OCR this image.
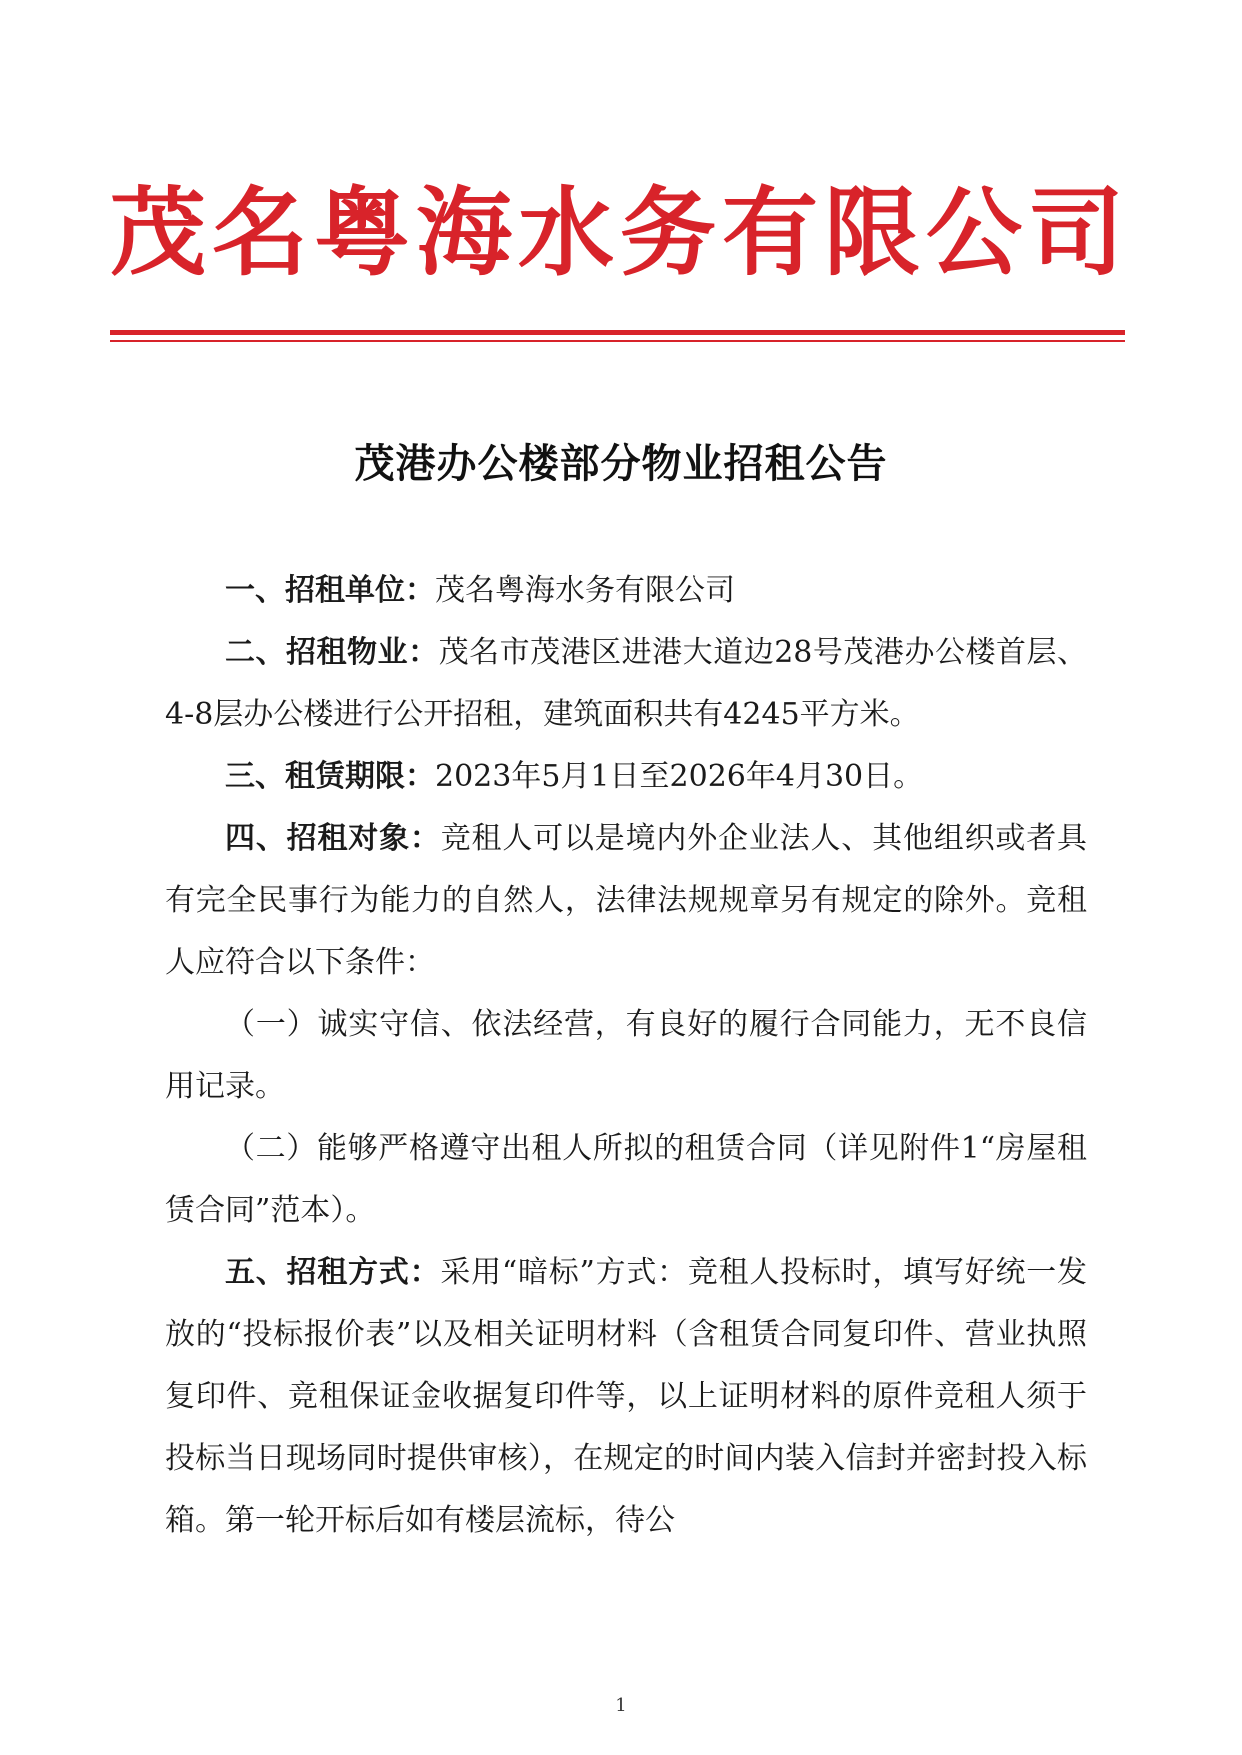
茂名粤海水务有限公司
茂港办公楼部分物业招租公告

一、招租单位：茂名粤海水务有限公司

二、招租物业：茂名市茂港区进港大道边28号茂港办公楼首层、4-8层办公楼进行公开招租，建筑面积共有4245平方米。

三、租赁期限：2023年5月1日至2026年4月30日。

四、招租对象：竞租人可以是境内外企业法人、其他组织或者具有完全民事行为能力的自然人，法律法规规章另有规定的除外。竞租人应符合以下条件：

（一）诚实守信、依法经营，有良好的履行合同能力，无不良信用记录。

（二）能够严格遵守出租人所拟的租赁合同（详见附件1“房屋租赁合同”范本）。

五、招租方式：采用“暗标”方式：竞租人投标时，填写好统一发放的“投标报价表”以及相关证明材料（含租赁合同复印件、营业执照复印件、竞租保证金收据复印件等，以上证明材料的原件竞租人须于投标当日现场同时提供审核），在规定的时间内装入信封并密封投入标箱。第一轮开标后如有楼层流标，待公

1
